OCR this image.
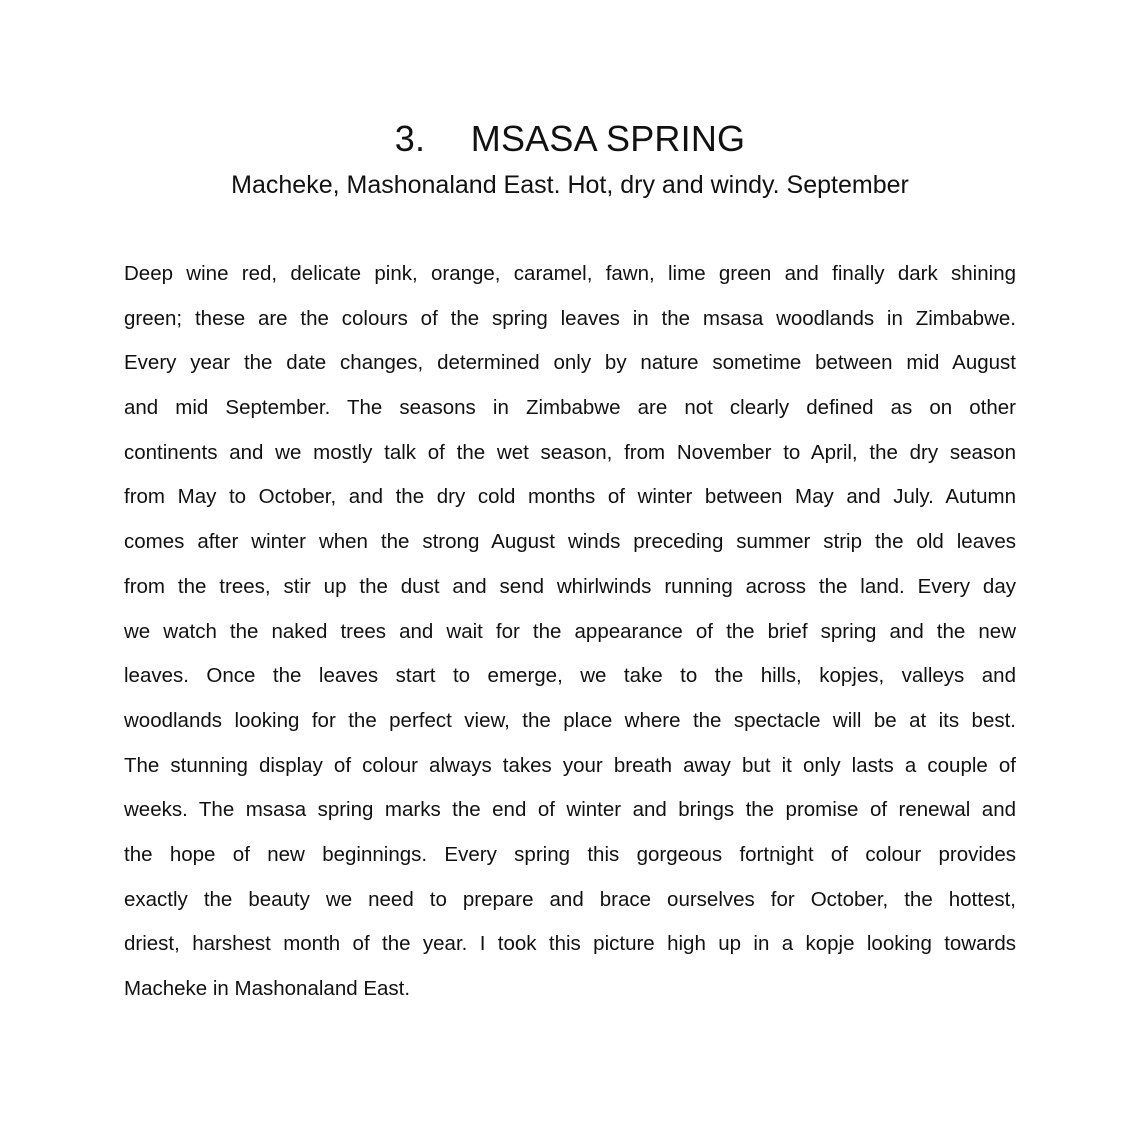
3. MSASA SPRING
Macheke, Mashonaland East. Hot, dry and windy. September
Deep wine red, delicate pink, orange, caramel, fawn, lime green and finally dark shining
green; these are the colours of the spring leaves in the msasa woodlands in Zimbabwe.
Every year the date changes, determined only by nature sometime between mid August
and mid September. The seasons in Zimbabwe are not clearly defined as on other
continents and we mostly talk of the wet season, from November to April, the dry season
from May to October, and the dry cold months of winter between May and July. Autumn
comes after winter when the strong August winds preceding summer strip the old leaves
from the trees, stir up the dust and send whirlwinds running across the land. Every day
we watch the naked trees and wait for the appearance of the brief spring and the new
leaves. Once the leaves start to emerge, we take to the hills, kopjes, valleys and
woodlands looking for the perfect view, the place where the spectacle will be at its best.
The stunning display of colour always takes your breath away but it only lasts a couple of
weeks. The msasa spring marks the end of winter and brings the promise of renewal and
the hope of new beginnings. Every spring this gorgeous fortnight of colour provides
exactly the beauty we need to prepare and brace ourselves for October, the hottest,
driest, harshest month of the year. I took this picture high up in a kopje looking towards
Macheke in Mashonaland East.
